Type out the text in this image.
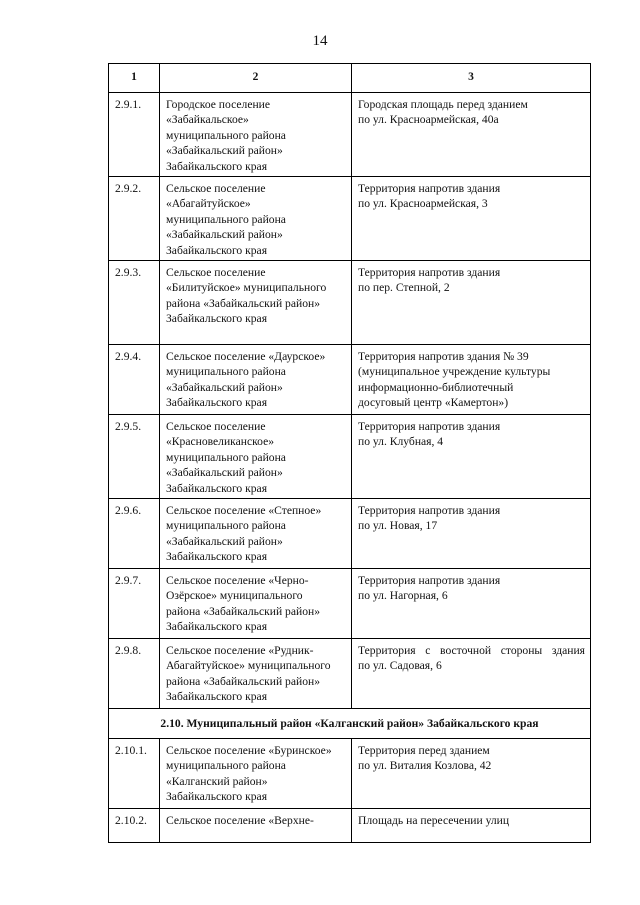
14
1	2	3
2.9.1.	Городское поселение
«Забайкальское»
муниципального района
«Забайкальский район»
Забайкальского края	Городская площадь перед зданием
по ул. Красноармейская, 40а

2.9.2.	Сельское поселение
«Абагайтуйское»
муниципального района
«Забайкальский район»
Забайкальского края	Территория напротив здания
по ул. Красноармейская, 3

2.9.3.	Сельское поселение
«Билитуйское» муниципального
района «Забайкальский район»
Забайкальского края	Территория напротив здания
по пер. Степной, 2

2.9.4.	Сельское поселение «Даурское»
муниципального района
«Забайкальский район»
Забайкальского края	Территория напротив здания № 39
(муниципальное учреждение культуры
информационно-библиотечный
досуговый центр «Камертон»)

2.9.5.	Сельское поселение
«Красновеликанское»
муниципального района
«Забайкальский район»
Забайкальского края	Территория напротив здания
по ул. Клубная, 4

2.9.6.	Сельское поселение «Степное»
муниципального района
«Забайкальский район»
Забайкальского края	Территория напротив здания
по ул. Новая, 17

2.9.7.	Сельское поселение «Черно-
Озёрское» муниципального
района «Забайкальский район»
Забайкальского края	Территория напротив здания
по ул. Нагорная, 6

2.9.8.	Сельское поселение «Рудник-
Абагайтуйское» муниципального
района «Забайкальский район»
Забайкальского края	Территория с восточной стороны здания
по ул. Садовая, 6

2.10. Муниципальный район «Калганский район» Забайкальского края		
2.10.1.	Сельское поселение «Буринское»
муниципального района
«Калганский район»
Забайкальского края	Территория перед зданием
по ул. Виталия Козлова, 42

2.10.2.	Сельское поселение «Верхне-	Площадь на пересечении улиц
